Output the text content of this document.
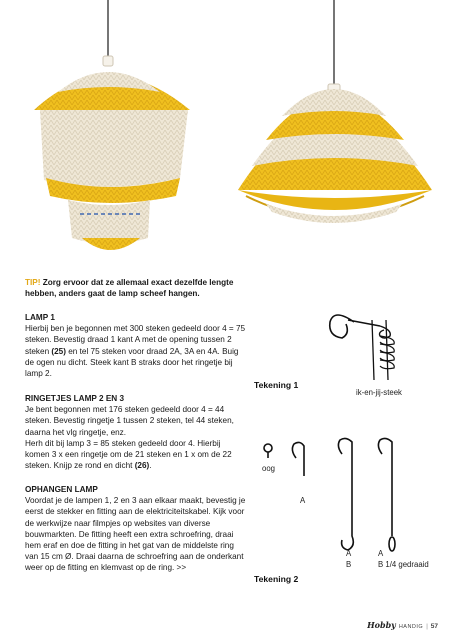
TIP! Zorg ervoor dat ze allemaal exact dezelfde lengte hebben, anders gaat de lamp scheef hangen.

LAMP 1

Hierbij ben je begonnen met 300 steken gedeeld door 4 = 75 steken. Bevestig draad 1 kant A met de opening tussen 2 steken (25) en tel 75 steken voor draad 2A, 3A en 4A. Buig de ogen nu dicht. Steek kant B straks door het ringetje bij lamp 2.

RINGETJES LAMP 2 EN 3

Je bent begonnen met 176 steken gedeeld door 4 = 44 steken. Bevestig ringetje 1 tussen 2 steken, tel 44 steken, daarna het vlg ringetje, enz.

Herh dit bij lamp 3 = 85 steken gedeeld door 4. Hierbij komen 3 x een ringetje om de 21 steken en 1 x om de 22 steken. Knijp ze rond en dicht (26).

OPHANGEN LAMP

Voordat je de lampen 1, 2 en 3 aan elkaar maakt, bevestig je eerst de stekker en fitting aan de elektriciteitskabel. Kijk voor de werkwijze naar filmpjes op websites van diverse bouwmarkten. De fitting heeft een extra schroefring, draai hem eraf en doe de fitting in het gat van de middelste ring van 15 cm Ø. Draai daarna de schroefring aan de onderkant weer op de fitting en klemvast op de ring. >>

ik-en-jij-steek
Tekening 1
oog
A
A
B
A
B 1/4 gedraaid
Tekening 2
Hobby HANDIG | 57
